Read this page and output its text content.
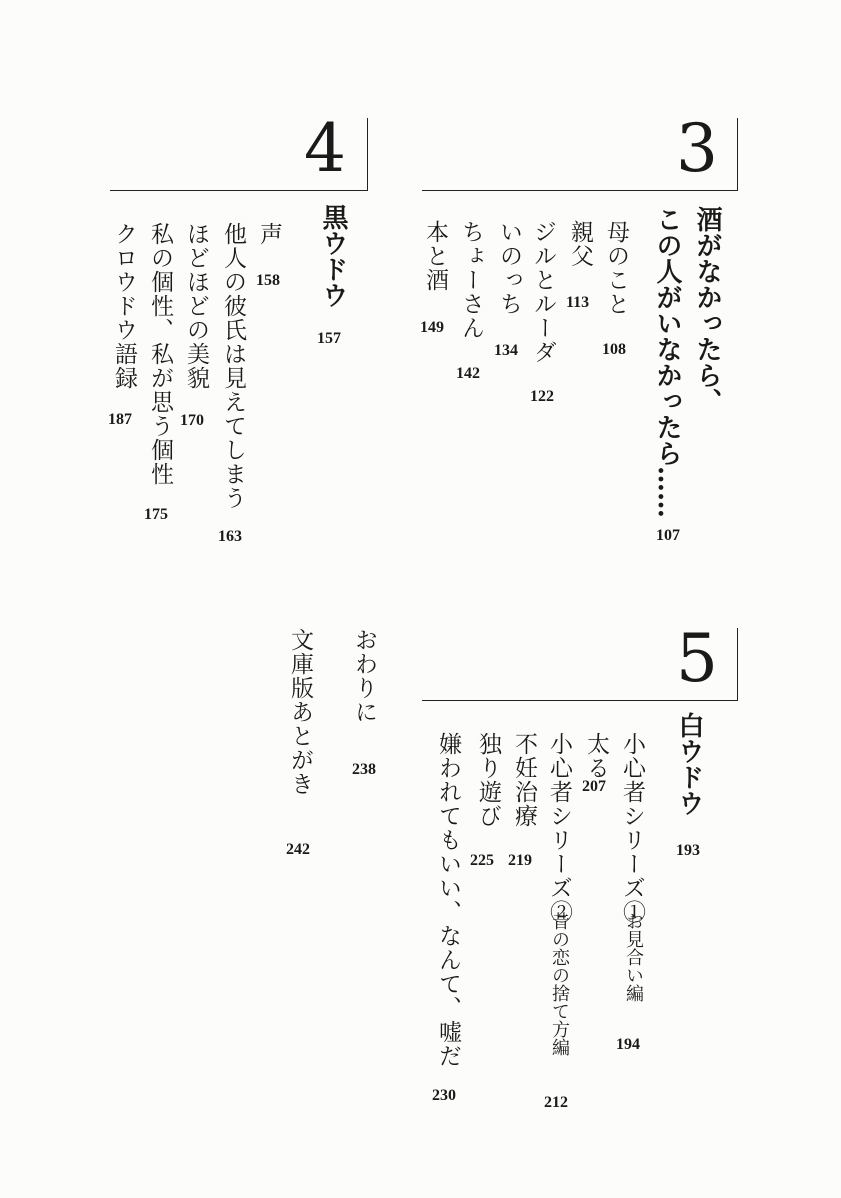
3
酒がなかったら、
この人がいなかったら……
107
母のこと
108
親父
113
ジルとルーダ
122
いのっち
134
ちょーさん
142
本と酒
149
4
黒ウドウ
157
声
158
他人の彼氏は見えてしまう
163
ほどほどの美貌
170
私の個性、私が思う個性
175
クロウドウ語録
187
5
白ウドウ
193
小心者シリーズ①
お見合い編
194
太る
207
小心者シリーズ②
昔の恋の捨て方編
212
不妊治療
219
独り遊び
225
嫌われてもいい、なんて、嘘だ
230
おわりに
238
文庫版あとがき
242
